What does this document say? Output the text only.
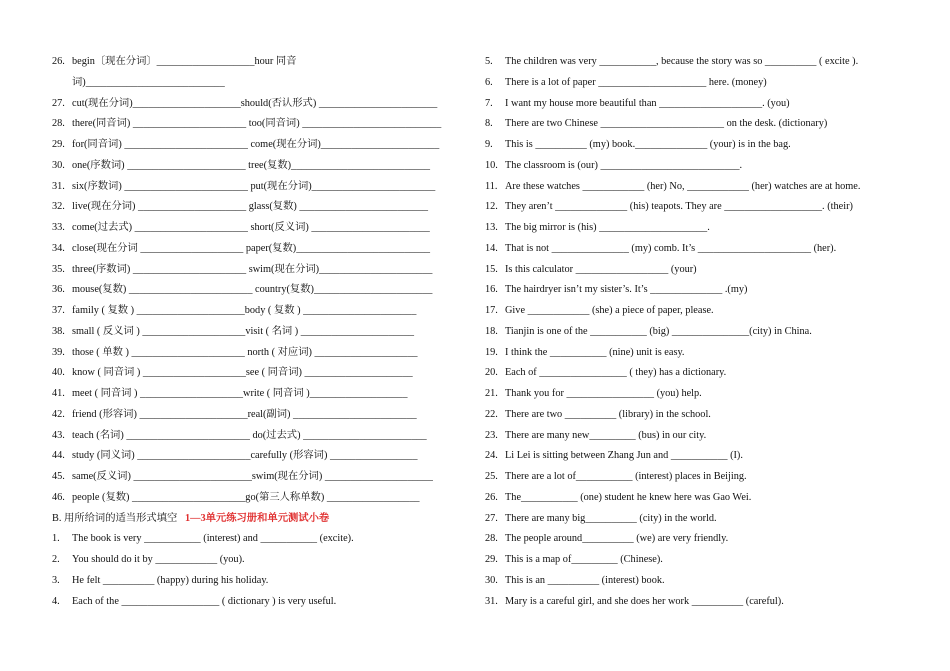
26. begin〔现在分词〕___________________hour 同音
词)___________________________
27. cut(现在分词)_____________________should(否认形式) _______________________
28. there(同音词) ______________________ too(同音词) ___________________________
29. for(同音词) ________________________ come(现在分词)_______________________
30. one(序数词) _______________________ tree(复数)___________________________
31. six(序数词) ________________________ put(现在分词)________________________
32. live(现在分词) _____________________ glass(复数) _________________________
33. come(过去式) ______________________ short(反义词) _______________________
34. close(现在分词 ____________________ paper(复数)__________________________
35. three(序数词) ______________________ swim(现在分词)______________________
36. mouse(复数) ________________________ country(复数)_______________________
37. family ( 复数 ) _____________________body ( 复数 ) ______________________
38. small ( 反义词 ) ____________________visit ( 名词 ) ______________________
39. those ( 单数 ) ______________________ north ( 对应词) ____________________
40. know ( 同音词 ) ____________________see ( 同音词) _____________________
41. meet ( 同音词 ) ____________________write ( 同音词 )___________________
42. friend (形容词) _____________________real(副词) ________________________
43. teach (名词) ________________________ do(过去式) ________________________
44. study (同义词) ______________________carefully (形容词) _________________
45. same(反义词) _______________________swim(现在分词) _____________________
46. people (复数) ______________________go(第三人称单数) __________________
B. 用所给词的适当形式填空 1—3单元练习册和单元测试小卷
1. The book is very ___________ (interest) and ___________ (excite).
2. You should do it by ____________ (you).
3. He felt __________ (happy) during his holiday.
4. Each of the ___________________ ( dictionary ) is very useful.
5. The children was very ___________, because the story was so __________ ( excite ).
6. There is a lot of paper _____________________ here. (money)
7. I want my house more beautiful than ____________________. (you)
8. There are two Chinese ________________________ on the desk. (dictionary)
9. This is __________ (my) book.______________ (your) is in the bag.
10. The classroom is (our) ___________________________.
11. Are these watches ____________ (her) No, ____________ (her) watches are at home.
12. They aren’t ______________ (his) teapots. They are ___________________. (their)
13. The big mirror is (his) _____________________.
14. That is not _______________ (my) comb. It’s ______________________ (her).
15. Is this calculator __________________ (your)
16. The hairdryer isn’t my sister’s. It’s ______________ .(my)
17. Give ____________ (she) a piece of paper, please.
18. Tianjin is one of the ___________ (big) _______________(city) in China.
19. I think the ___________ (nine) unit is easy.
20. Each of _________________ ( they) has a dictionary.
21. Thank you for _________________ (you) help.
22. There are two __________ (library) in the school.
23. There are many new_________ (bus) in our city.
24. Li Lei is sitting between Zhang Jun and ___________ (I).
25. There are a lot of___________ (interest) places in Beijing.
26. The___________ (one) student he knew here was Gao Wei.
27. There are many big__________ (city) in the world.
28. The people around__________ (we) are very friendly.
29. This is a map of_________ (Chinese).
30. This is an __________ (interest) book.
31. Mary is a careful girl, and she does her work __________ (careful).
